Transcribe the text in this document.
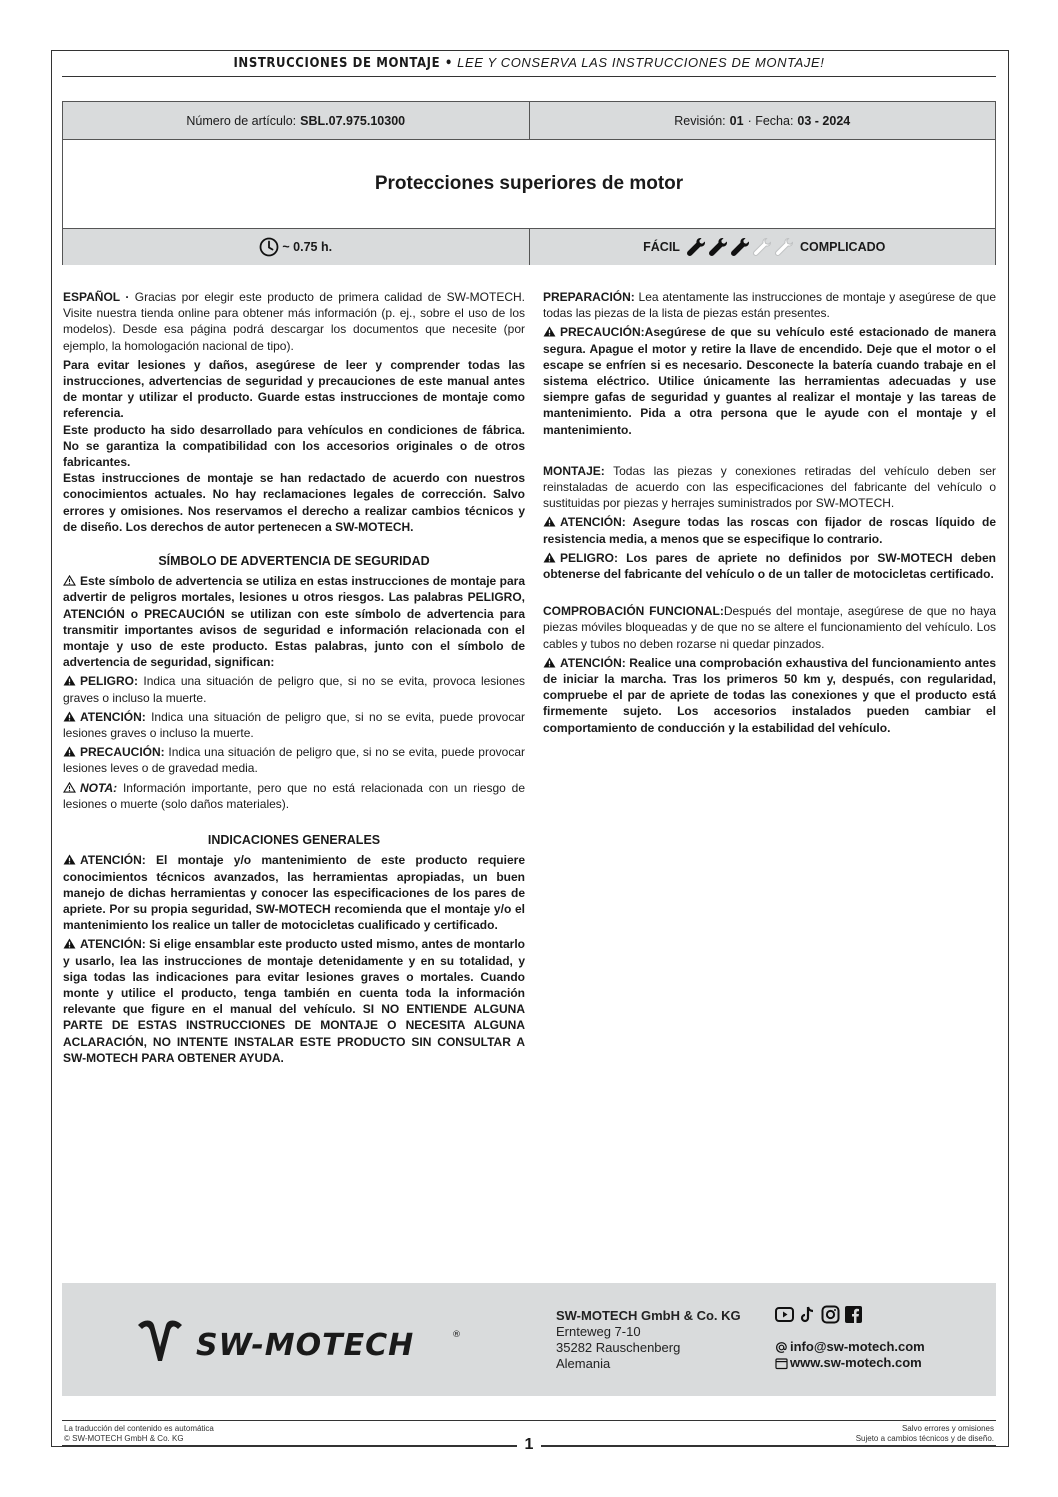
INSTRUCCIONES DE MONTAJE • LEE Y CONSERVA LAS INSTRUCCIONES DE MONTAJE!
Número de artículo: SBL.07.975.10300	Revisión: 01 · Fecha: 03 - 2024
Protecciones superiores de motor
~ 0.75 h.	FÁCIL	COMPLICADO

ESPAÑOL · Gracias por elegir este producto de primera calidad de SW-MOTECH. Visite nuestra tienda online para obtener más información (p. ej., sobre el uso de los modelos). Desde esa página podrá descargar los documentos que necesite (por ejemplo, la homologación nacional de tipo).

Para evitar lesiones y daños, asegúrese de leer y comprender todas las instrucciones, advertencias de seguridad y precauciones de este manual antes de montar y utilizar el producto. Guarde estas instrucciones de montaje como referencia.

Este producto ha sido desarrollado para vehículos en condiciones de fábrica. No se garantiza la compatibilidad con los accesorios originales o de otros fabricantes.

Estas instrucciones de montaje se han redactado de acuerdo con nuestros conocimientos actuales. No hay reclamaciones legales de corrección. Salvo errores y omisiones. Nos reservamos el derecho a realizar cambios técnicos y de diseño. Los derechos de autor pertenecen a SW-MOTECH.

SÍMBOLO DE ADVERTENCIA DE SEGURIDAD

Este símbolo de advertencia se utiliza en estas instrucciones de montaje para advertir de peligros mortales, lesiones u otros riesgos. Las palabras PELIGRO, ATENCIÓN o PRECAUCIÓN se utilizan con este símbolo de advertencia para transmitir importantes avisos de seguridad e información relacionada con el montaje y uso de este producto. Estas palabras, junto con el símbolo de advertencia de seguridad, significan:

PELIGRO: Indica una situación de peligro que, si no se evita, provoca lesiones graves o incluso la muerte.

ATENCIÓN: Indica una situación de peligro que, si no se evita, puede provocar lesiones graves o incluso la muerte.

PRECAUCIÓN: Indica una situación de peligro que, si no se evita, puede provocar lesiones leves o de gravedad media.

NOTA: Información importante, pero que no está relacionada con un riesgo de lesiones o muerte (solo daños materiales).

INDICACIONES GENERALES

ATENCIÓN: El montaje y/o mantenimiento de este producto requiere conocimientos técnicos avanzados, las herramientas apropiadas, un buen manejo de dichas herramientas y conocer las especificaciones de los pares de apriete. Por su propia seguridad, SW-MOTECH recomienda que el montaje y/o el mantenimiento los realice un taller de motocicletas cualificado y certificado.

ATENCIÓN: Si elige ensamblar este producto usted mismo, antes de montarlo y usarlo, lea las instrucciones de montaje detenidamente y en su totalidad, y siga todas las indicaciones para evitar lesiones graves o mortales. Cuando monte y utilice el producto, tenga también en cuenta toda la información relevante que figure en el manual del vehículo. SI NO ENTIENDE ALGUNA PARTE DE ESTAS INSTRUCCIONES DE MONTAJE O NECESITA ALGUNA ACLARACIÓN, NO INTENTE INSTALAR ESTE PRODUCTO SIN CONSULTAR A SW-MOTECH PARA OBTENER AYUDA.

PREPARACIÓN: Lea atentamente las instrucciones de montaje y asegúrese de que todas las piezas de la lista de piezas están presentes.

PRECAUCIÓN:Asegúrese de que su vehículo esté estacionado de manera segura. Apague el motor y retire la llave de encendido. Deje que el motor o el escape se enfríen si es necesario. Desconecte la batería cuando trabaje en el sistema eléctrico. Utilice únicamente las herramientas adecuadas y use siempre gafas de seguridad y guantes al realizar el montaje y las tareas de mantenimiento. Pida a otra persona que le ayude con el montaje y el mantenimiento.

MONTAJE: Todas las piezas y conexiones retiradas del vehículo deben ser reinstaladas de acuerdo con las especificaciones del fabricante del vehículo o sustituidas por piezas y herrajes suministrados por SW-MOTECH.

ATENCIÓN: Asegure todas las roscas con fijador de roscas líquido de resistencia media, a menos que se especifique lo contrario.

PELIGRO: Los pares de apriete no definidos por SW-MOTECH deben obtenerse del fabricante del vehículo o de un taller de motocicletas certificado.

COMPROBACIÓN FUNCIONAL:Después del montaje, asegúrese de que no haya piezas móviles bloqueadas y de que no se altere el funcionamiento del vehículo. Los cables y tubos no deben rozarse ni quedar pinzados.

ATENCIÓN: Realice una comprobación exhaustiva del funcionamiento antes de iniciar la marcha. Tras los primeros 50 km y, después, con regularidad, compruebe el par de apriete de todas las conexiones y que el producto está firmemente sujeto. Los accesorios instalados pueden cambiar el comportamiento de conducción y la estabilidad del vehículo.

SW-MOTECH	®
SW-MOTECH GmbH & Co. KG
Ernteweg 7-10
35282 Rauschenberg
Alemania
info@sw-motech.com
www.sw-motech.com
La traducción del contenido es automática
© SW-MOTECH GmbH & Co. KG
Salvo errores y omisiones
Sujeto a cambios técnicos y de diseño.
1
